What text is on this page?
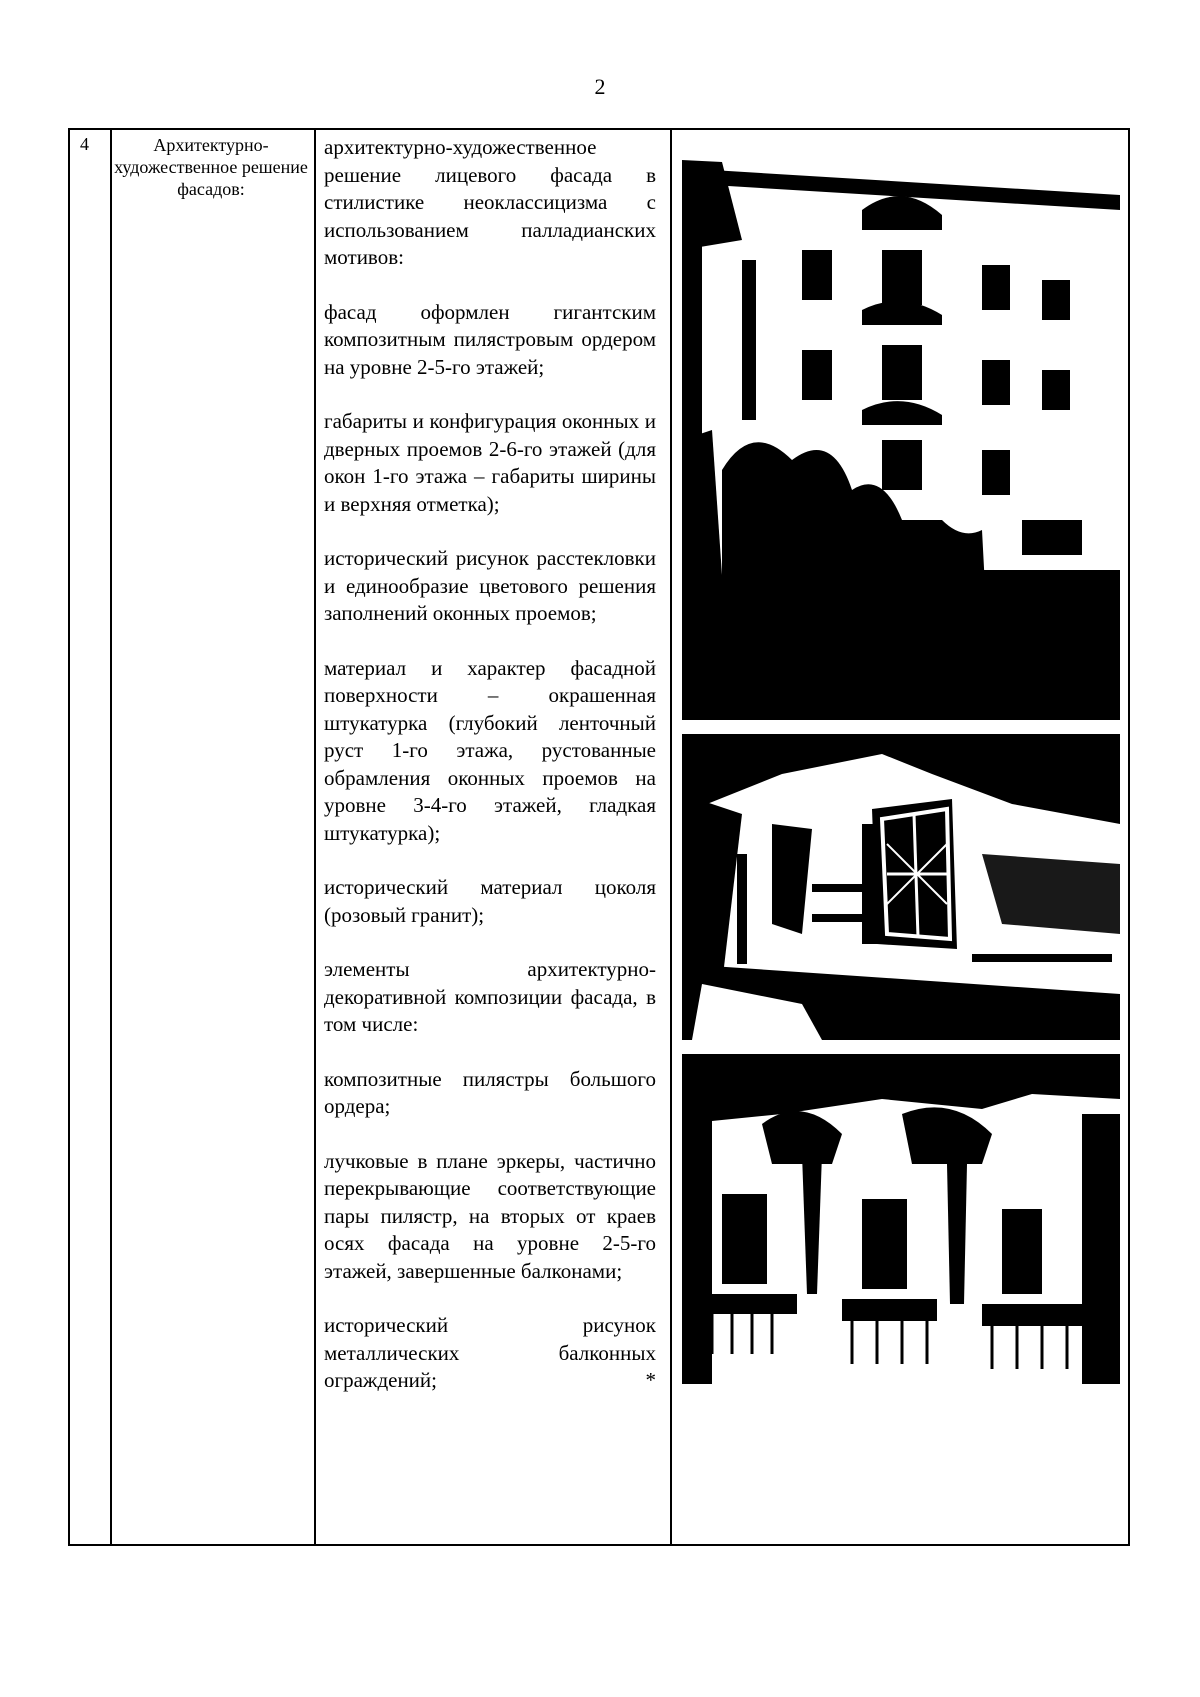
2
4	Архитектурно-художественное решение фасадов:

архитектурно-художественное решение лицевого фасада в стилистике неоклассицизма с использованием палладианских мотивов:

фасад оформлен гигантским композитным пилястровым ордером на уровне 2-5-го этажей;

габариты и конфигурация оконных и дверных проемов 2-6-го этажей (для окон 1-го этажа – габариты ширины и верхняя отметка);

исторический рисунок расстекловки и единообразие цветового решения заполнений оконных проемов;

материал и характер фасадной поверхности – окрашенная штукатурка (глубокий ленточный руст 1-го этажа, рустованные обрамления оконных проемов на уровне 3-4-го этажей, гладкая штукатурка);

исторический материал цоколя (розовый гранит);

элементы архитектурно-декоративной композиции фасада, в том числе:

композитные пилястры большого ордера;

лучковые в плане эркеры, частично перекрывающие соответствующие пары пилястр, на вторых от краев осях фасада на уровне 2-5-го этажей, завершенные балконами;

исторический рисунок металлических балконных ограждений; *
